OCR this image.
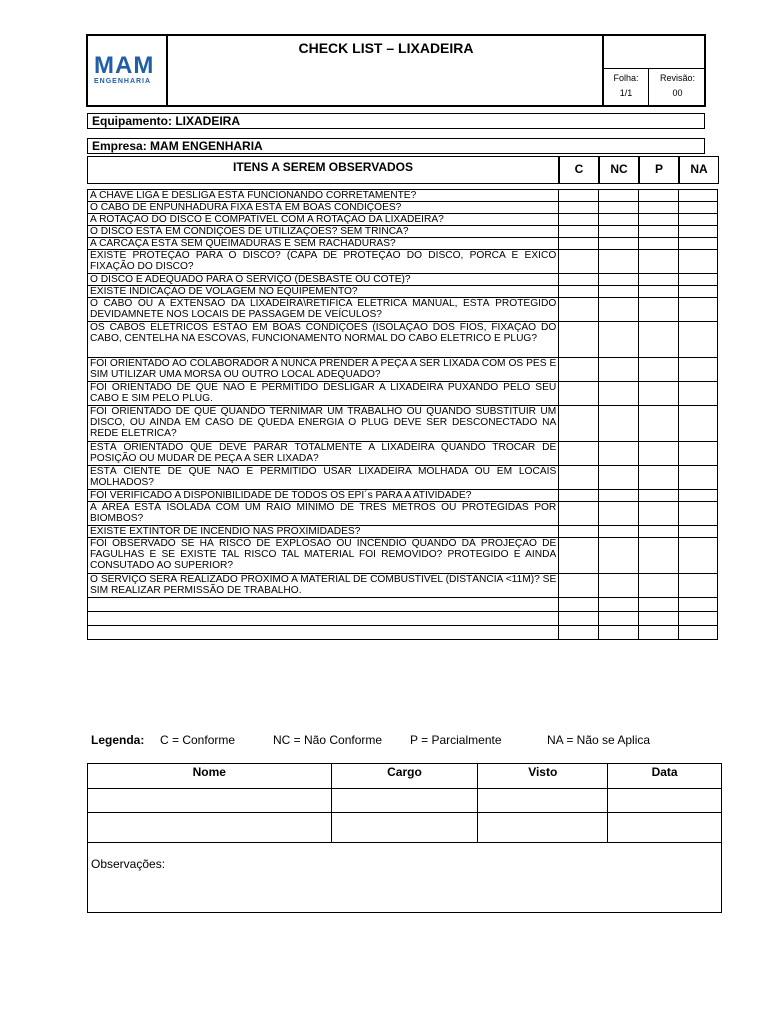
MAM
ENGENHARIA
CHECK LIST – LIXADEIRA
Folha:
1/1
Revisão:
00
Equipamento: LIXADEIRA
Empresa: MAM ENGENHARIA
ITENS A SEREM OBSERVADOS	C	NC	P	NA
A CHAVE LIGA E DESLIGA ESTÁ FUNCIONANDO CORRETAMENTE?				
O CABO DE ENPUNHADURA FIXA ESTÁ EM BOAS CONDIÇÕES?				
A ROTAÇÃO DO DISCO É COMPATIVEL COM A ROTAÇÃO DA LIXADEIRA?				
O DISCO ESTÁ EM CONDIÇÕES DE UTILIZAÇÕES? SEM TRINCA?				
A CARCAÇA ESTÁ SEM QUEIMADURAS E SEM RACHADURAS?				
EXISTE PROTEÇÃO PARA O DISCO? (CAPA DE PROTEÇÃO DO DISCO, PORCA E EXICO FIXAÇÃO DO DISCO?				
O DISCO É ADEQUADO PARA O SERVIÇO (DESBASTE OU COTE)?				
EXISTE INDICAÇÃO DE VOLAGEM NO EQUIPEMENTO?				
O CABO OU A EXTENSÃO DA LIXADEIRA\RETIFICA ELETRICA MANUAL, ESTÁ PROTEGIDO DEVIDAMNETE NOS LOCAIS DE PASSAGEM DE VEÍCULOS?				
OS CABOS ELETRICOS ESTÃO EM BOAS CONDIÇÕES (ISOLAÇÃO DOS FIOS, FIXAÇÃO DO CABO, CENTELHA NA ESCOVAS, FUNCIONAMENTO NORMAL DO CABO ELETRICO E PLUG?				
FOI ORIENTADO AO COLABORADOR A NUNCA PRENDER A PEÇA A SER LIXADA COM OS PÉS E SIM UTILIZAR UMA MORSA OU OUTRO LOCAL ADEQUADO?				
FOI ORIENTADO DE QUE NÃO É PERMITIDO DESLIGAR A LIXADEIRA PUXANDO PELO SEU CABO E SIM PELO PLUG.				
FOI ORIENTADO DE QUE QUANDO TERNIMAR UM TRABALHO OU QUANDO SUBSTITUIR UM DISCO, OU AINDA EM CASO DE QUEDA ENERGIA O PLUG DEVE SER DESCONECTADO NA REDE ELETRICA?				
ESTÁ ORIENTADO QUE DEVE PARAR TOTALMENTE A LIXADEIRA QUANDO TROCAR DE POSIÇÃO OU MUDAR DE PEÇA A SER LIXADA?				
ESTÁ CIENTE DE QUE NÃO É PERMITIDO USAR LIXADEIRA MOLHADA OU EM LOCAIS MOLHADOS?				
FOI VERIFICADO A DISPONIBILIDADE DE TODOS OS EPI´s PARA A ATIVIDADE?				
A ÁREA ESTÁ ISOLADA COM UM RAIO MÍNIMO DE TRÊS METROS OU PROTEGIDAS POR BIOMBOS?				
EXISTE EXTINTOR DE INCÊNDIO NAS PROXIMIDADES?				
FOI OBSERVADO SE HÁ RISCO DE EXPLOSÃO OU INCÊNDIO QUANDO DÁ PROJEÇÃO DE FAGULHAS E SE EXISTE TAL RISCO TAL MATERIAL FOI REMOVIDO? PROTEGIDO E AINDA CONSUTADO AO SUPERIOR?				
O SERVIÇO SERÁ REALIZADO PROXIMO A MATERIAL DE COMBUSTIVÉL (DISTÂNCIA <11M)? SE SIM REALIZAR PERMISSÃO DE TRABALHO.				

Legenda: C = Conforme	NC = Não Conforme P = Parcialmente	NA = Não se Aplica
Nome	Cargo	Visto	Data

Observações:			
